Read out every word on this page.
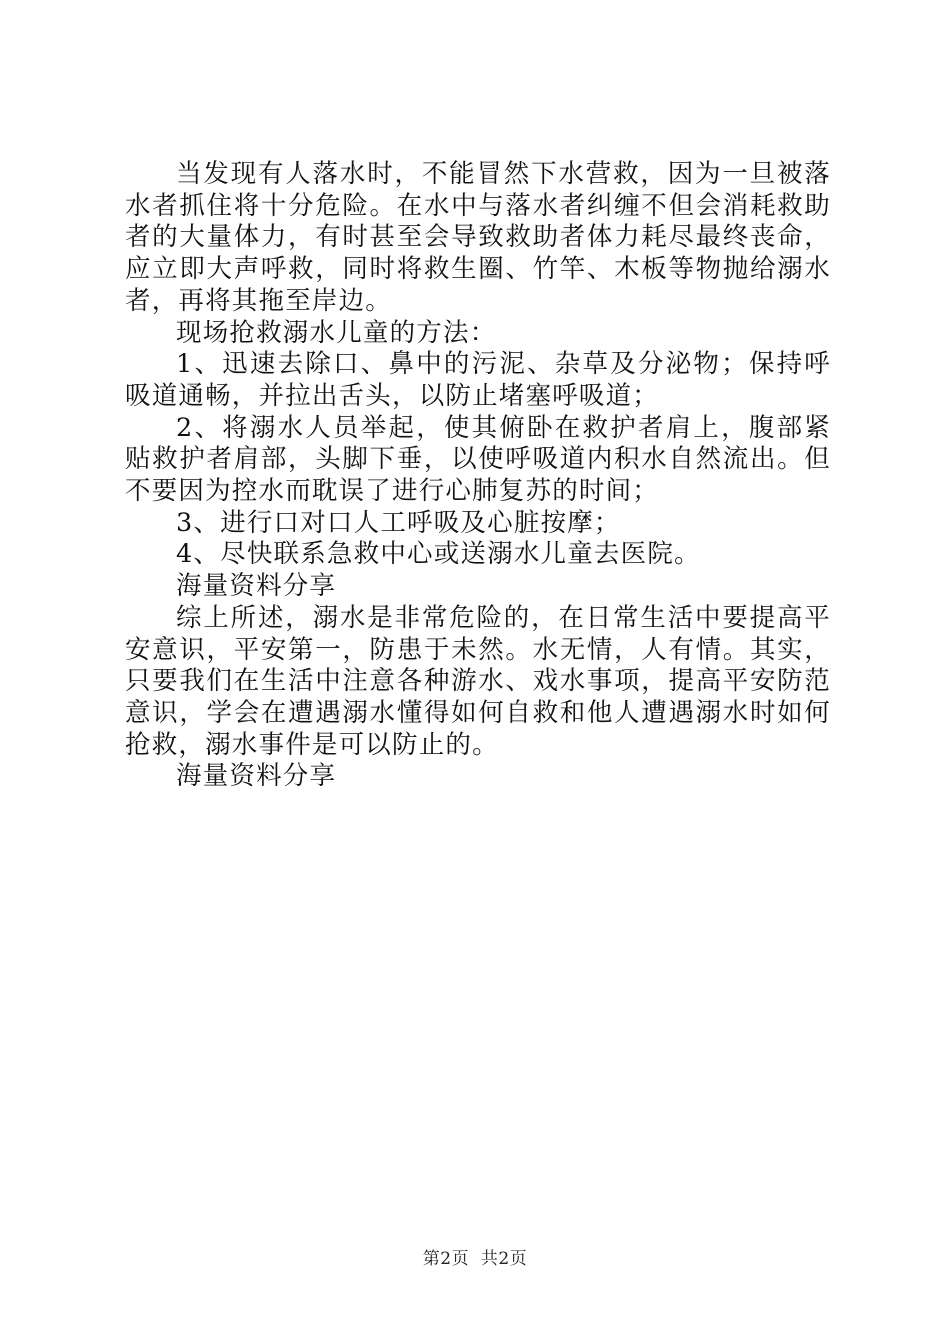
当发现有人落水时，不能冒然下水营救，因为一旦被落水者抓住将十分危险。在水中与落水者纠缠不但会消耗救助者的大量体力，有时甚至会导致救助者体力耗尽最终丧命，应立即大声呼救，同时将救生圈、竹竿、木板等物抛给溺水者，再将其拖至岸边。

现场抢救溺水儿童的方法：

1、迅速去除口、鼻中的污泥、杂草及分泌物；保持呼吸道通畅，并拉出舌头，以防止堵塞呼吸道；

2、将溺水人员举起，使其俯卧在救护者肩上，腹部紧贴救护者肩部，头脚下垂，以使呼吸道内积水自然流出。但不要因为控水而耽误了进行心肺复苏的时间；

3、进行口对口人工呼吸及心脏按摩；

4、尽快联系急救中心或送溺水儿童去医院。

海量资料分享

综上所述，溺水是非常危险的，在日常生活中要提高平安意识，平安第一，防患于未然。水无情，人有情。其实，只要我们在生活中注意各种游水、戏水事项，提高平安防范意识，学会在遭遇溺水懂得如何自救和他人遭遇溺水时如何抢救，溺水事件是可以防止的。

海量资料分享

第2页  共2页
